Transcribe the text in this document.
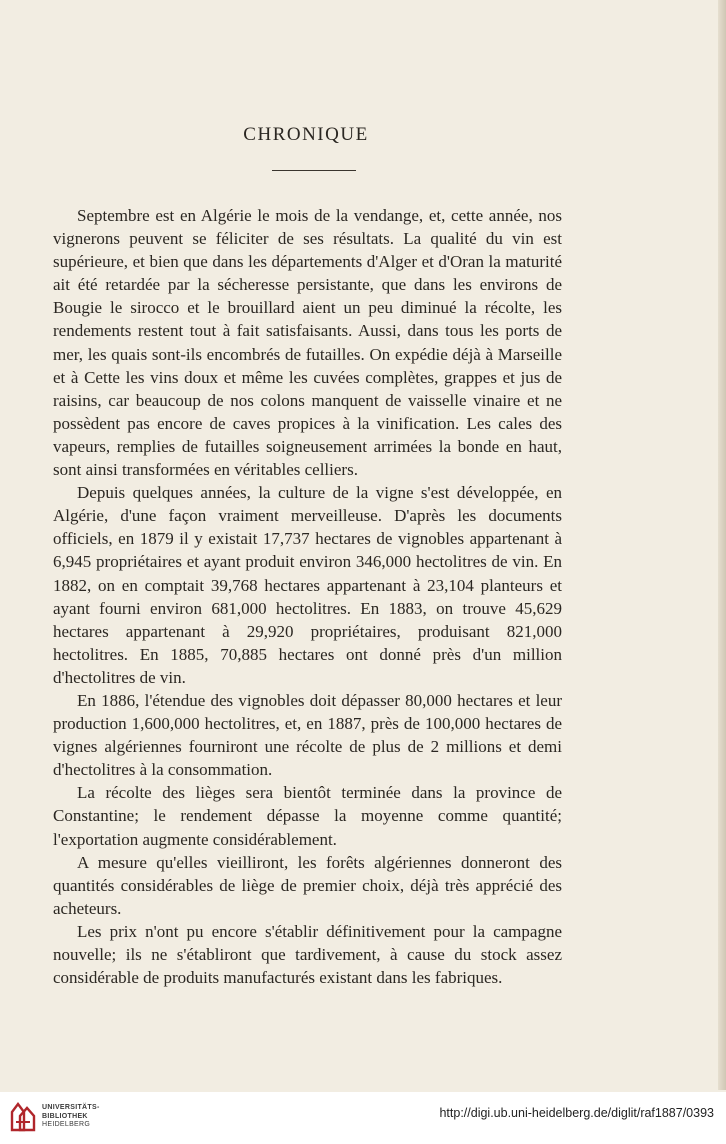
CHRONIQUE

Septembre est en Algérie le mois de la vendange, et, cette année, nos vignerons peuvent se féliciter de ses résultats. La qualité du vin est supérieure, et bien que dans les départements d'Alger et d'Oran la maturité ait été retardée par la sécheresse persistante, que dans les environs de Bougie le sirocco et le brouillard aient un peu diminué la récolte, les rendements restent tout à fait satisfaisants. Aussi, dans tous les ports de mer, les quais sont-ils encombrés de futailles. On expédie déjà à Marseille et à Cette les vins doux et même les cuvées complètes, grappes et jus de raisins, car beaucoup de nos colons manquent de vaisselle vinaire et ne possèdent pas encore de caves propices à la vinification. Les cales des vapeurs, remplies de futailles soigneusement arrimées la bonde en haut, sont ainsi transformées en véritables celliers.

Depuis quelques années, la culture de la vigne s'est développée, en Algérie, d'une façon vraiment merveilleuse. D'après les documents officiels, en 1879 il y existait 17,737 hectares de vignobles appartenant à 6,945 propriétaires et ayant produit environ 346,000 hectolitres de vin. En 1882, on en comptait 39,768 hectares appartenant à 23,104 planteurs et ayant fourni environ 681,000 hectolitres. En 1883, on trouve 45,629 hectares appartenant à 29,920 propriétaires, produisant 821,000 hectolitres. En 1885, 70,885 hectares ont donné près d'un million d'hectolitres de vin.

En 1886, l'étendue des vignobles doit dépasser 80,000 hectares et leur production 1,600,000 hectolitres, et, en 1887, près de 100,000 hectares de vignes algériennes fourniront une récolte de plus de 2 millions et demi d'hectolitres à la consommation.

La récolte des lièges sera bientôt terminée dans la province de Constantine; le rendement dépasse la moyenne comme quantité; l'exportation augmente considérablement.

A mesure qu'elles vieilliront, les forêts algériennes donneront des quantités considérables de liège de premier choix, déjà très apprécié des acheteurs.

Les prix n'ont pu encore s'établir définitivement pour la campagne nouvelle; ils ne s'établiront que tardivement, à cause du stock assez considérable de produits manufacturés existant dans les fabriques.

UNIVERSITÄTS-
BIBLIOTHEK
HEIDELBERG
http://digi.ub.uni-heidelberg.de/diglit/raf1887/0393
